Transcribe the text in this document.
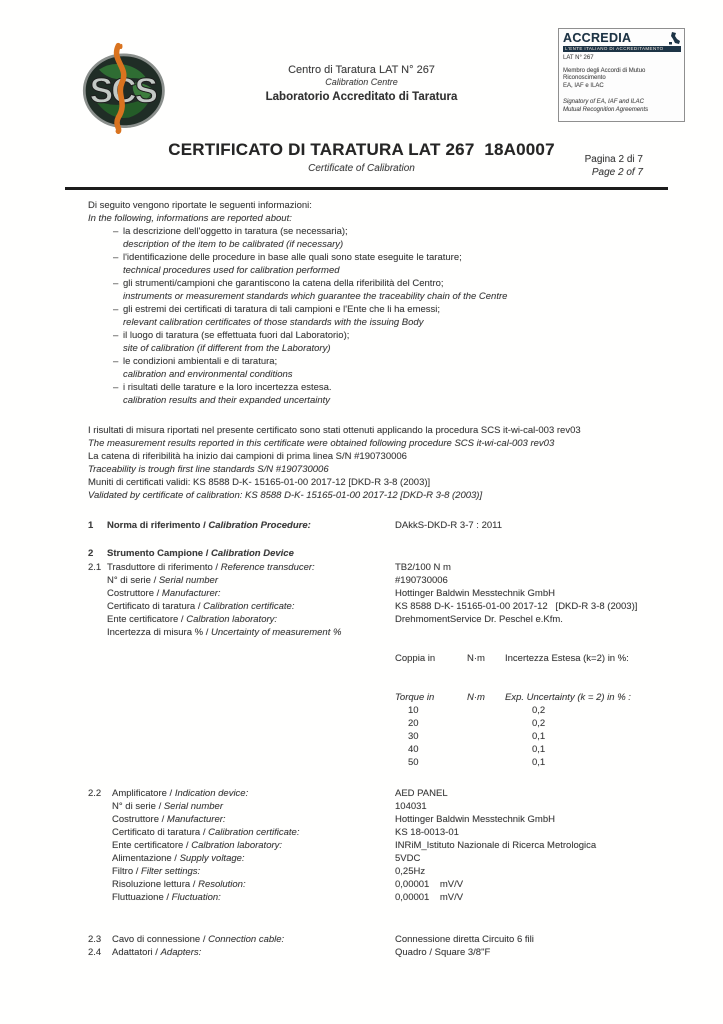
SCS
Centro di Taratura LAT N° 267
Calibration Centre
Laboratorio Accreditato di Taratura
ACCREDIA
L'ENTE ITALIANO DI ACCREDITAMENTO
LAT N° 267
Membro degli Accordi di Mutuo
Riconoscimento
EA, IAF e ILAC
Signatory of EA, IAF and ILAC
Mutual Recognition Agreements
CERTIFICATO DI TARATURA LAT 267  18A0007
Certificate of Calibration
Pagina 2 di 7
Page 2 of 7
Di seguito vengono riportate le seguenti informazioni:
In the following, informations are reported about:
– la descrizione dell'oggetto in taratura (se necessaria);
description of the item to be calibrated (if necessary)
– l'identificazione delle procedure in base alle quali sono state eseguite le tarature;
technical procedures used for calibration performed
– gli strumenti/campioni che garantiscono la catena della riferibilità del Centro;
instruments or measurement standards which guarantee the traceability chain of the Centre
– gli estremi dei certificati di taratura di tali campioni e l'Ente che li ha emessi;
relevant calibration certificates of those standards with the issuing Body
– il luogo di taratura (se effettuata fuori dal Laboratorio);
site of calibration (if different from the Laboratory)
– le condizioni ambientali e di taratura;
calibration and environmental conditions
– i risultati delle tarature e la loro incertezza estesa.
calibration results and their expanded uncertainty
I risultati di misura riportati nel presente certificato sono stati ottenuti applicando la procedura SCS it-wi-cal-003 rev03
The measurement results reported in this certificate were obtained following procedure SCS it-wi-cal-003 rev03
La catena di riferibilità ha inizio dai campioni di prima linea S/N #190730006
Traceability is trough first line standards S/N #190730006
Muniti di certificati validi: KS 8588 D-K- 15165-01-00 2017-12 [DKD-R 3-8 (2003)]
Validated by certificate of calibration: KS 8588 D-K- 15165-01-00 2017-12 [DKD-R 3-8 (2003)]
1	Norma di riferimento / Calibration Procedure:	DAkkS-DKD-R 3-7 : 2011
2	Strumento Campione / Calibration Device
2.1 Trasduttore di riferimento / Reference transducer:	TB2/100 N m
N° di serie / Serial number	#190730006
Costruttore / Manufacturer:	Hottinger Baldwin Messtechnik GmbH
Certificato di taratura / Calibration certificate:	KS 8588 D-K- 15165-01-00 2017-12   [DKD-R 3-8 (2003)]
Ente certificatore / Calbration laboratory:	DrehmomentService Dr. Peschel e.Kfm.
Incertezza di misura % / Uncertainty of measurement %

Coppia in	N·m	Incertezza Estesa (k=2) in %:

Torque in	N·m	Exp. Uncertainty (k = 2) in % :
10	0,2
20	0,2
30	0,1
40	0,1
50	0,1
2.2	Amplificatore / Indication device:	AED PANEL
N° di serie / Serial number	104031
Costruttore / Manufacturer:	Hottinger Baldwin Messtechnik GmbH
Certificato di taratura / Calibration certificate:	KS 18-0013-01
Ente certificatore / Calbration laboratory:	INRiM_Istituto Nazionale di Ricerca Metrologica
Alimentazione / Supply voltage:	5VDC
Filtro / Filter settings:	0,25Hz
Risoluzione lettura / Resolution:	0,00001    mV/V
Fluttuazione / Fluctuation:	0,00001    mV/V
2.3	Cavo di connessione / Connection cable:	Connessione diretta Circuito 6 fili
2.4	Adattatori / Adapters:	Quadro / Square 3/8"F
